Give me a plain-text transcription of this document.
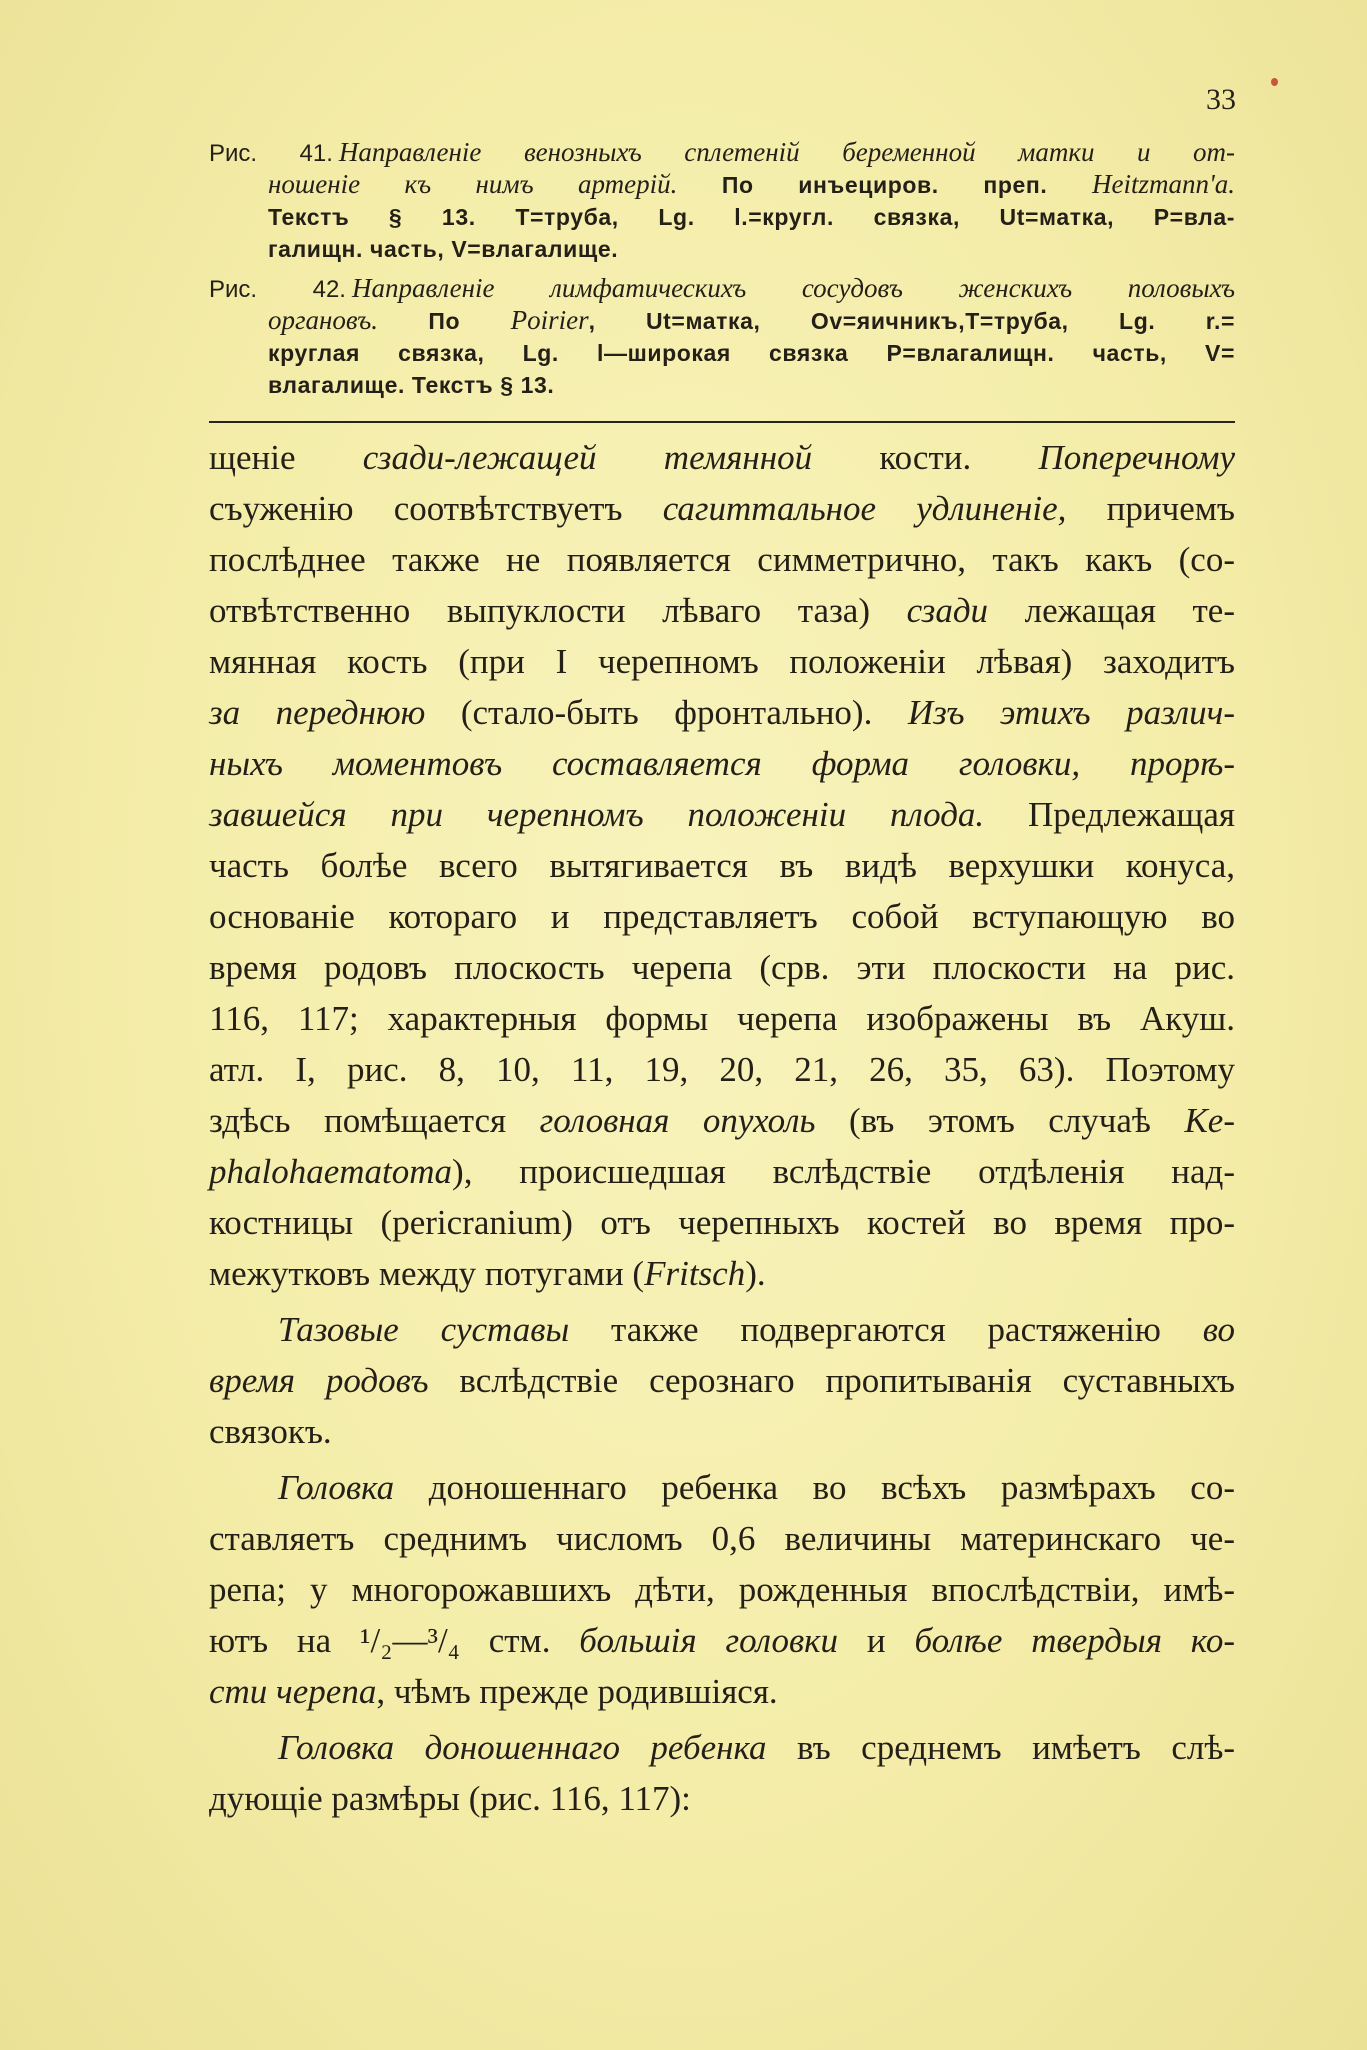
33
Рис. 41. Направленіе венозныхъ сплетеній беременной матки и от-
ношеніе къ нимъ артерій. По инъециров. преп. Heitzmann'a.
Текстъ § 13. T=труба, Lg. l.=кругл. связка, Ut=матка, P=вла-
галищн. часть, V=влагалище.
Рис. 42. Направленіе лимфатическихъ сосудовъ женскихъ половыхъ
органовъ. По Poirier, Ut=матка, Ov=яичникъ,T=труба, Lg. r.=
круглая связка, Lg. l—широкая связка P=влагалищн. часть, V=
влагалище. Текстъ § 13.
щеніе сзади-лежащей темянной кости. Поперечному
съуженію соотвѣтствуетъ сагиттальное удлиненіе, причемъ
послѣднее также не появляется симметрично, такъ какъ (со-
отвѣтственно выпуклости лѣваго таза) сзади лежащая те-
мянная кость (при I черепномъ положеніи лѣвая) заходитъ
за переднюю (стало-быть фронтально). Изъ этихъ различ-
ныхъ моментовъ составляется форма головки, прорѣ-
завшейся при черепномъ положеніи плода. Предлежащая
часть болѣе всего вытягивается въ видѣ верхушки конуса,
основаніе котораго и представляетъ собой вступающую во
время родовъ плоскость черепа (срв. эти плоскости на рис.
116, 117; характерныя формы черепа изображены въ Акуш.
атл. I, рис. 8, 10, 11, 19, 20, 21, 26, 35, 63). Поэтому
здѣсь помѣщается головная опухоль (въ этомъ случаѣ Ke-
phalohaematoma), происшедшая вслѣдствіе отдѣленія над-
костницы (pericranium) отъ черепныхъ костей во время про-
межутковъ между потугами (Fritsch).
Тазовые суставы также подвергаются растяженію во
время родовъ вслѣдствіе серознаго пропитыванія суставныхъ
связокъ.
Головка доношеннаго ребенка во всѣхъ размѣрахъ со-
ставляетъ среднимъ числомъ 0,6 величины материнскаго че-
репа; у многорожавшихъ дѣти, рожденныя впослѣдствіи, имѣ-
ютъ на ¹/₂—³/₄ стм. большія головки и болѣе твердыя ко-
сти черепа, чѣмъ прежде родившіяся.
Головка доношеннаго ребенка въ среднемъ имѣетъ слѣ-
дующіе размѣры (рис. 116, 117):
